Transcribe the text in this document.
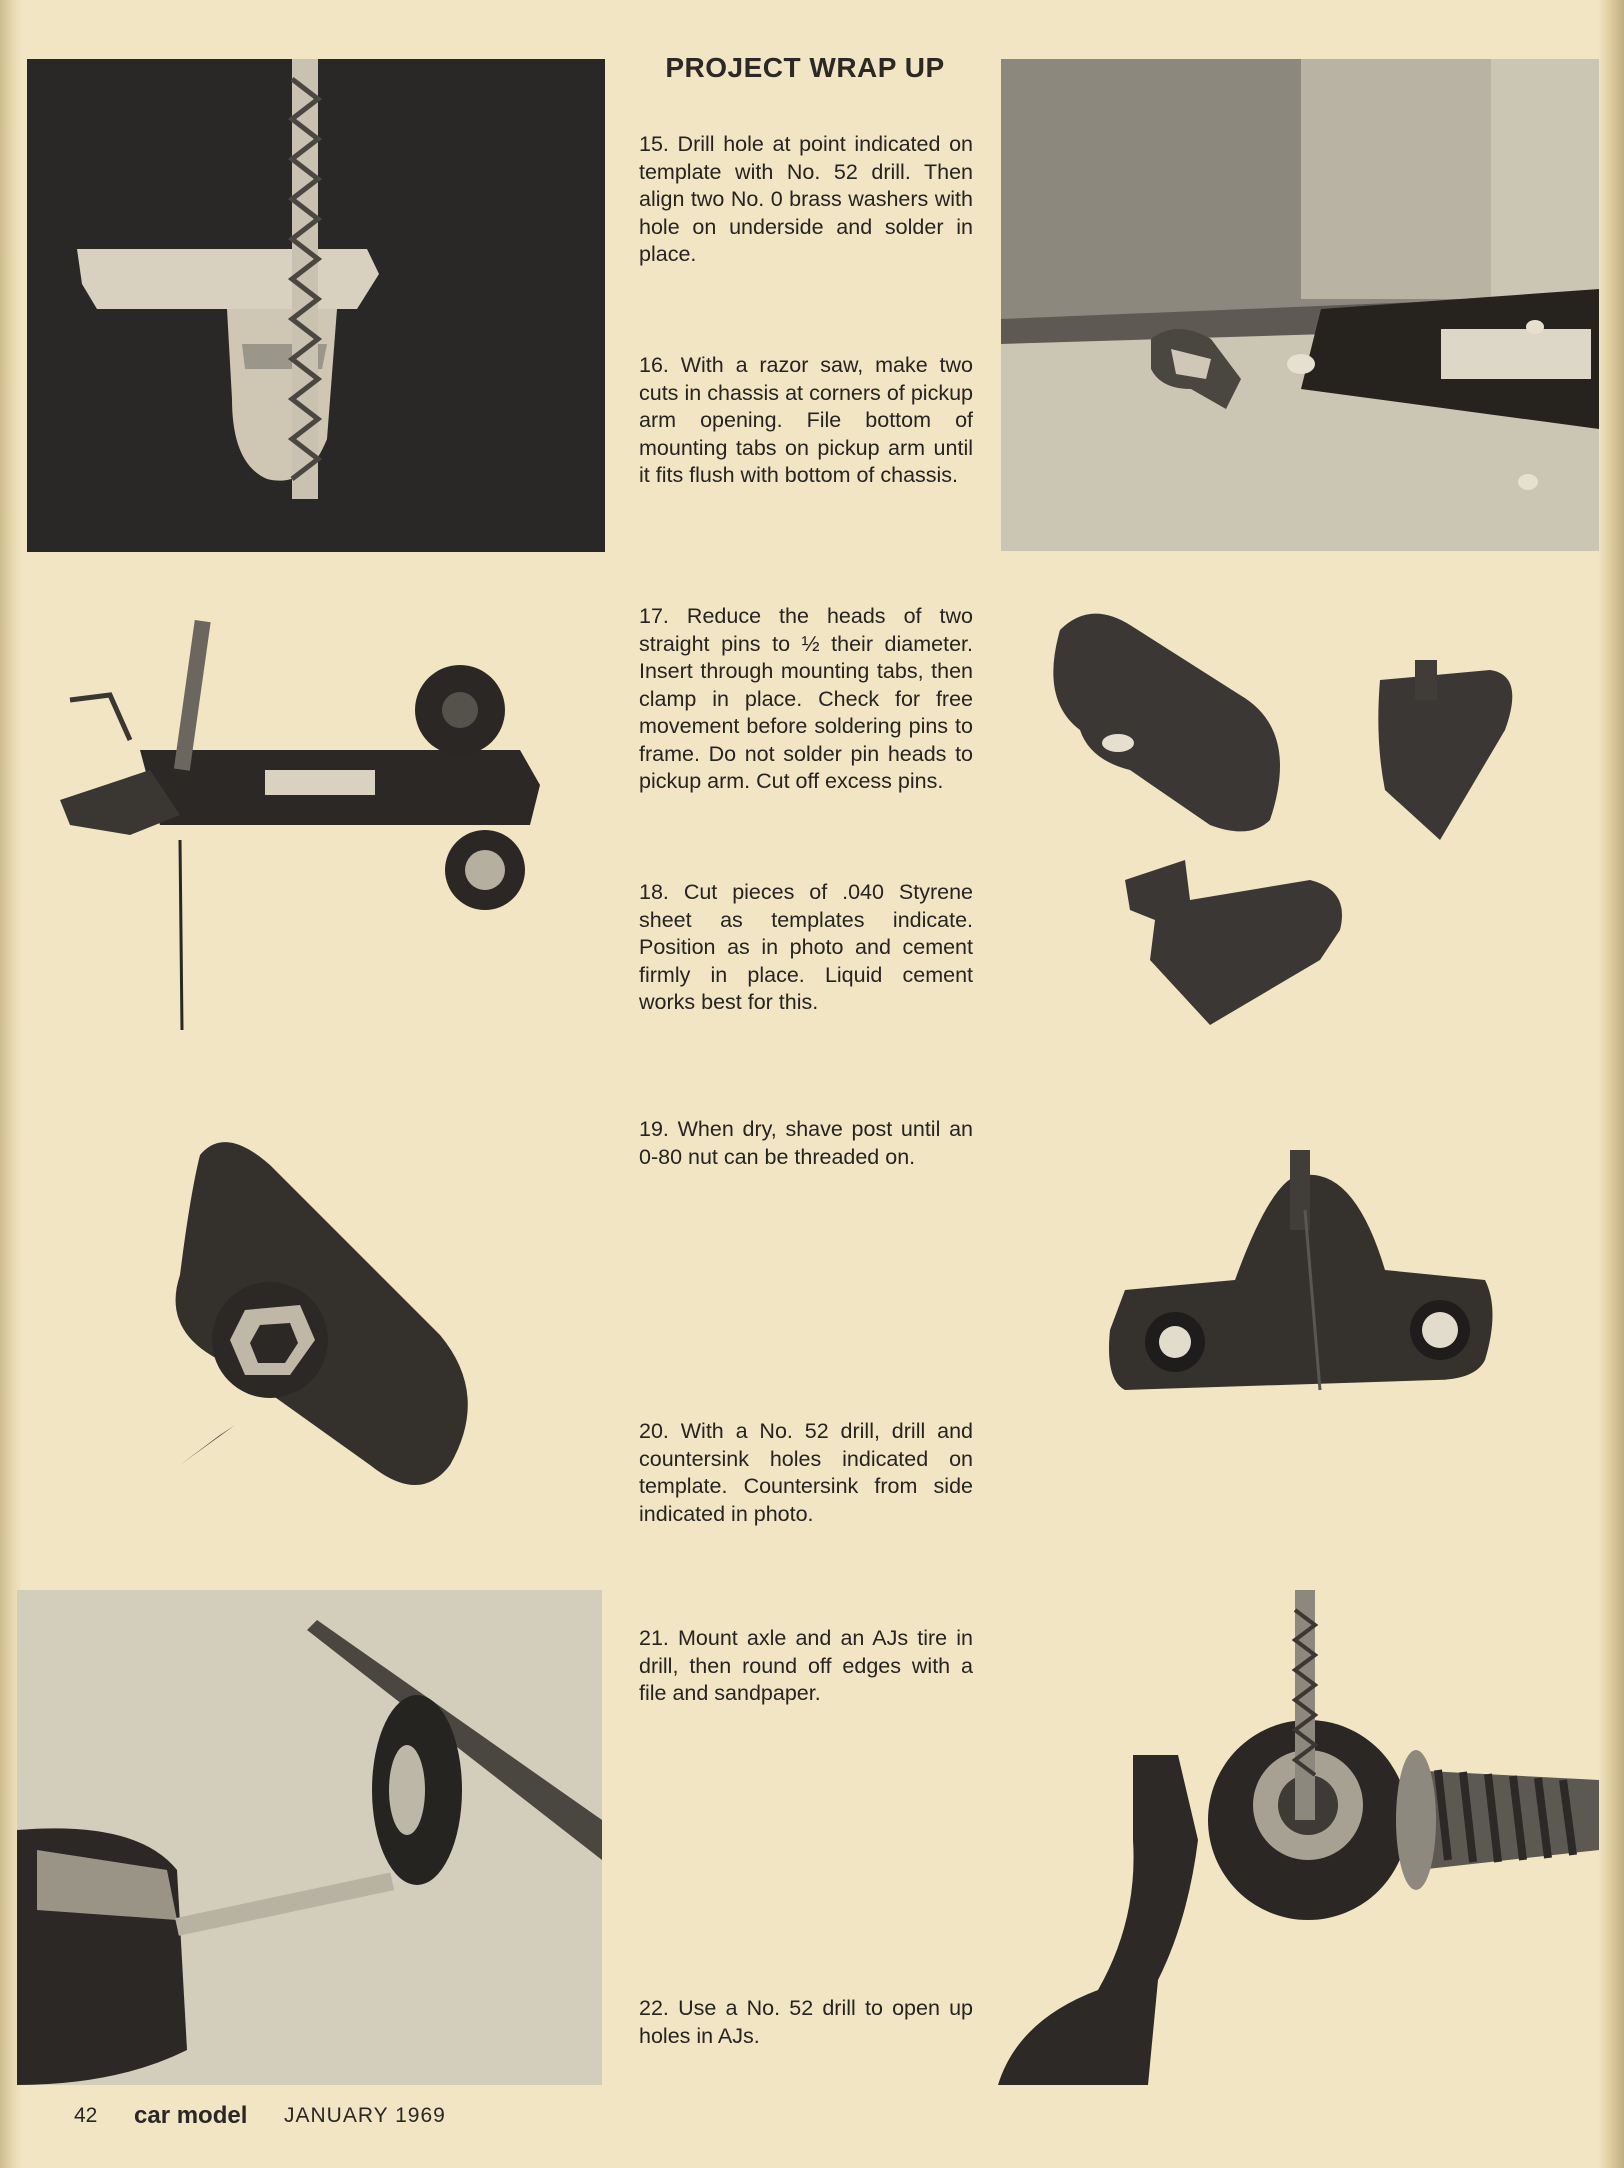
PROJECT WRAP UP
15. Drill hole at point indicated on template with No. 52 drill. Then align two No. 0 brass washers with hole on underside and solder in place.
16. With a razor saw, make two cuts in chassis at corners of pickup arm opening. File bottom of mounting tabs on pickup arm until it fits flush with bottom of chassis.
17. Reduce the heads of two straight pins to ½ their diameter. Insert through mounting tabs, then clamp in place. Check for free movement before soldering pins to frame. Do not solder pin heads to pickup arm. Cut off excess pins.
18. Cut pieces of .040 Styrene sheet as templates indicate. Position as in photo and cement firmly in place. Liquid cement works best for this.
19. When dry, shave post until an 0-80 nut can be threaded on.
20. With a No. 52 drill, drill and countersink holes indicated on template. Countersink from side indicated in photo.
21. Mount axle and an AJs tire in drill, then round off edges with a file and sandpaper.
22. Use a No. 52 drill to open up holes in AJs.
42 car model JANUARY 1969
